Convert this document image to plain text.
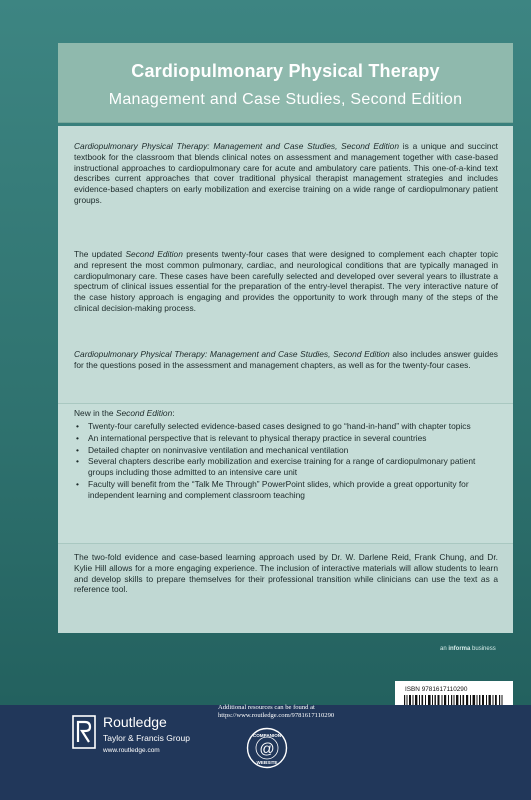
Cardiopulmonary Physical Therapy
Management and Case Studies, Second Edition

Cardiopulmonary Physical Therapy: Management and Case Studies, Second Edition is a unique and succinct textbook for the classroom that blends clinical notes on assessment and management together with case-based instructional approaches to cardiopulmonary care for acute and ambulatory care patients. This one-of-a-kind text describes current approaches that cover traditional physical therapist management strategies and includes evidence-based chapters on early mobilization and exercise training on a wide range of cardiopulmonary patient groups.

The updated Second Edition presents twenty-four cases that were designed to complement each chapter topic and represent the most common pulmonary, cardiac, and neurological conditions that are typically managed in cardiopulmonary care. These cases have been carefully selected and developed over several years to illustrate a spectrum of clinical issues essential for the preparation of the entry-level therapist. The very interactive nature of the case history approach is engaging and provides the opportunity to work through many of the steps of the clinical decision-making process.

Cardiopulmonary Physical Therapy: Management and Case Studies, Second Edition also includes answer guides for the questions posed in the assessment and management chapters, as well as for the twenty-four cases.

New in the Second Edition:
• Twenty-four carefully selected evidence-based cases designed to go “hand-in-hand” with chapter topics
• An international perspective that is relevant to physical therapy practice in several countries
• Detailed chapter on noninvasive ventilation and mechanical ventilation
• Several chapters describe early mobilization and exercise training for a range of cardiopulmonary patient groups including those admitted to an intensive care unit
• Faculty will benefit from the “Talk Me Through” PowerPoint slides, which provide a great opportunity for independent learning and complement classroom teaching

The two-fold evidence and case-based learning approach used by Dr. W. Darlene Reid, Frank Chung, and Dr. Kylie Hill allows for a more engaging experience. The inclusion of interactive materials will allow students to learn and develop skills to prepare themselves for their professional transition while clinicians can use the text as a reference tool.

an informa business
ISBN 9781617110290
Routledge
Taylor & Francis Group
www.routledge.com
Additional resources can be found at
https://www.routledge.com/9781617110290
COMPANION
@
WEBSITE
